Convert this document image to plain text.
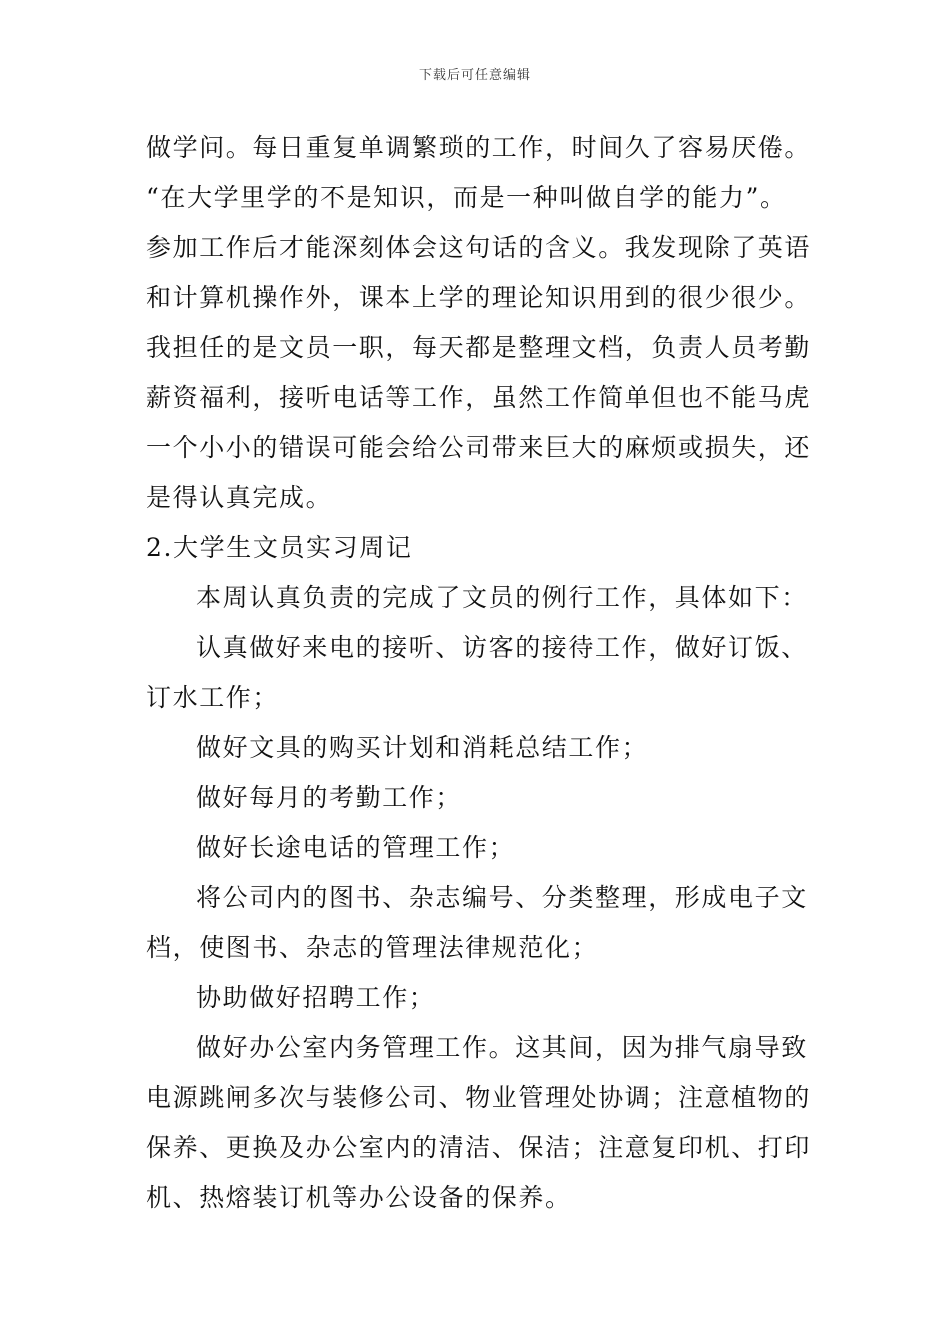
下载后可任意编辑
做学问。每日重复单调繁琐的工作，时间久了容易厌倦。
“在大学里学的不是知识，而是一种叫做自学的能力”。
参加工作后才能深刻体会这句话的含义。我发现除了英语
和计算机操作外，课本上学的理论知识用到的很少很少。
我担任的是文员一职，每天都是整理文档，负责人员考勤
薪资福利，接听电话等工作，虽然工作简单但也不能马虎
一个小小的错误可能会给公司带来巨大的麻烦或损失，还
是得认真完成。
2.大学生文员实习周记
本周认真负责的完成了文员的例行工作，具体如下：
认真做好来电的接听、访客的接待工作，做好订饭、
订水工作；
做好文具的购买计划和消耗总结工作；
做好每月的考勤工作；
做好长途电话的管理工作；
将公司内的图书、杂志编号、分类整理，形成电子文
档，使图书、杂志的管理法律规范化；
协助做好招聘工作；
做好办公室内务管理工作。这其间，因为排气扇导致
电源跳闸多次与装修公司、物业管理处协调；注意植物的
保养、更换及办公室内的清洁、保洁；注意复印机、打印
机、热熔装订机等办公设备的保养。
